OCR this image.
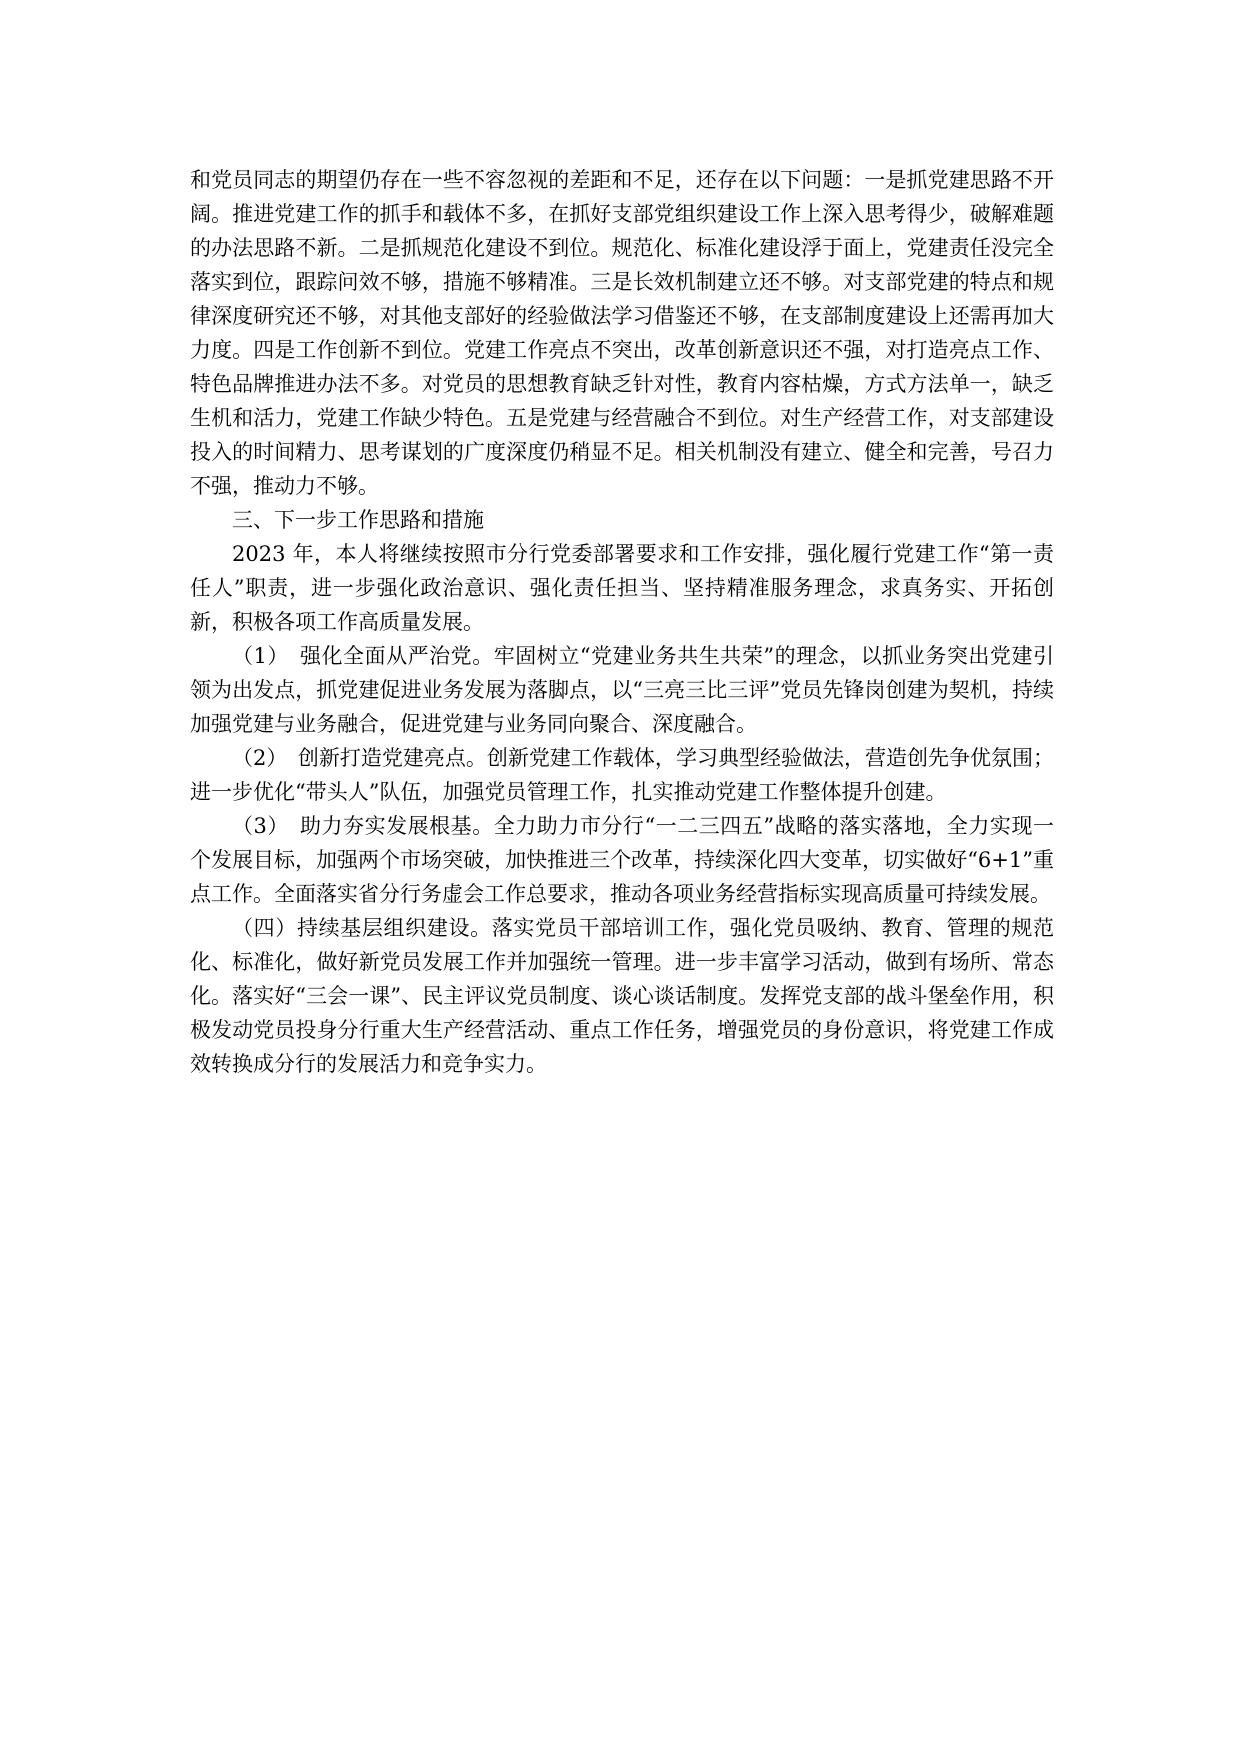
和党员同志的期望仍存在一些不容忽视的差距和不足，还存在以下问题：一是抓党建思路不开阔。推进党建工作的抓手和载体不多，在抓好支部党组织建设工作上深入思考得少，破解难题的办法思路不新。二是抓规范化建设不到位。规范化、标准化建设浮于面上，党建责任没完全落实到位，跟踪问效不够，措施不够精准。三是长效机制建立还不够。对支部党建的特点和规律深度研究还不够，对其他支部好的经验做法学习借鉴还不够，在支部制度建设上还需再加大力度。四是工作创新不到位。党建工作亮点不突出，改革创新意识还不强，对打造亮点工作、特色品牌推进办法不多。对党员的思想教育缺乏针对性，教育内容枯燥，方式方法单一，缺乏生机和活力，党建工作缺少特色。五是党建与经营融合不到位。对生产经营工作，对支部建设投入的时间精力、思考谋划的广度深度仍稍显不足。相关机制没有建立、健全和完善，号召力不强，推动力不够。

三、下一步工作思路和措施

2023 年，本人将继续按照市分行党委部署要求和工作安排，强化履行党建工作“第一责任人”职责，进一步强化政治意识、强化责任担当、坚持精准服务理念，求真务实、开拓创新，积极各项工作高质量发展。

（1）　强化全面从严治党。牢固树立“党建业务共生共荣”的理念，以抓业务突出党建引领为出发点，抓党建促进业务发展为落脚点，以“三亮三比三评”党员先锋岗创建为契机，持续加强党建与业务融合，促进党建与业务同向聚合、深度融合。

（2）　创新打造党建亮点。创新党建工作载体，学习典型经验做法，营造创先争优氛围；进一步优化“带头人”队伍，加强党员管理工作，扎实推动党建工作整体提升创建。

（3）　助力夯实发展根基。全力助力市分行“一二三四五”战略的落实落地，全力实现一个发展目标，加强两个市场突破，加快推进三个改革，持续深化四大变革，切实做好“6+1”重点工作。全面落实省分行务虚会工作总要求，推动各项业务经营指标实现高质量可持续发展。

（四）持续基层组织建设。落实党员干部培训工作，强化党员吸纳、教育、管理的规范化、标准化，做好新党员发展工作并加强统一管理。进一步丰富学习活动，做到有场所、常态化。落实好“三会一课”、民主评议党员制度、谈心谈话制度。发挥党支部的战斗堡垒作用，积极发动党员投身分行重大生产经营活动、重点工作任务，增强党员的身份意识，将党建工作成效转换成分行的发展活力和竞争实力。
